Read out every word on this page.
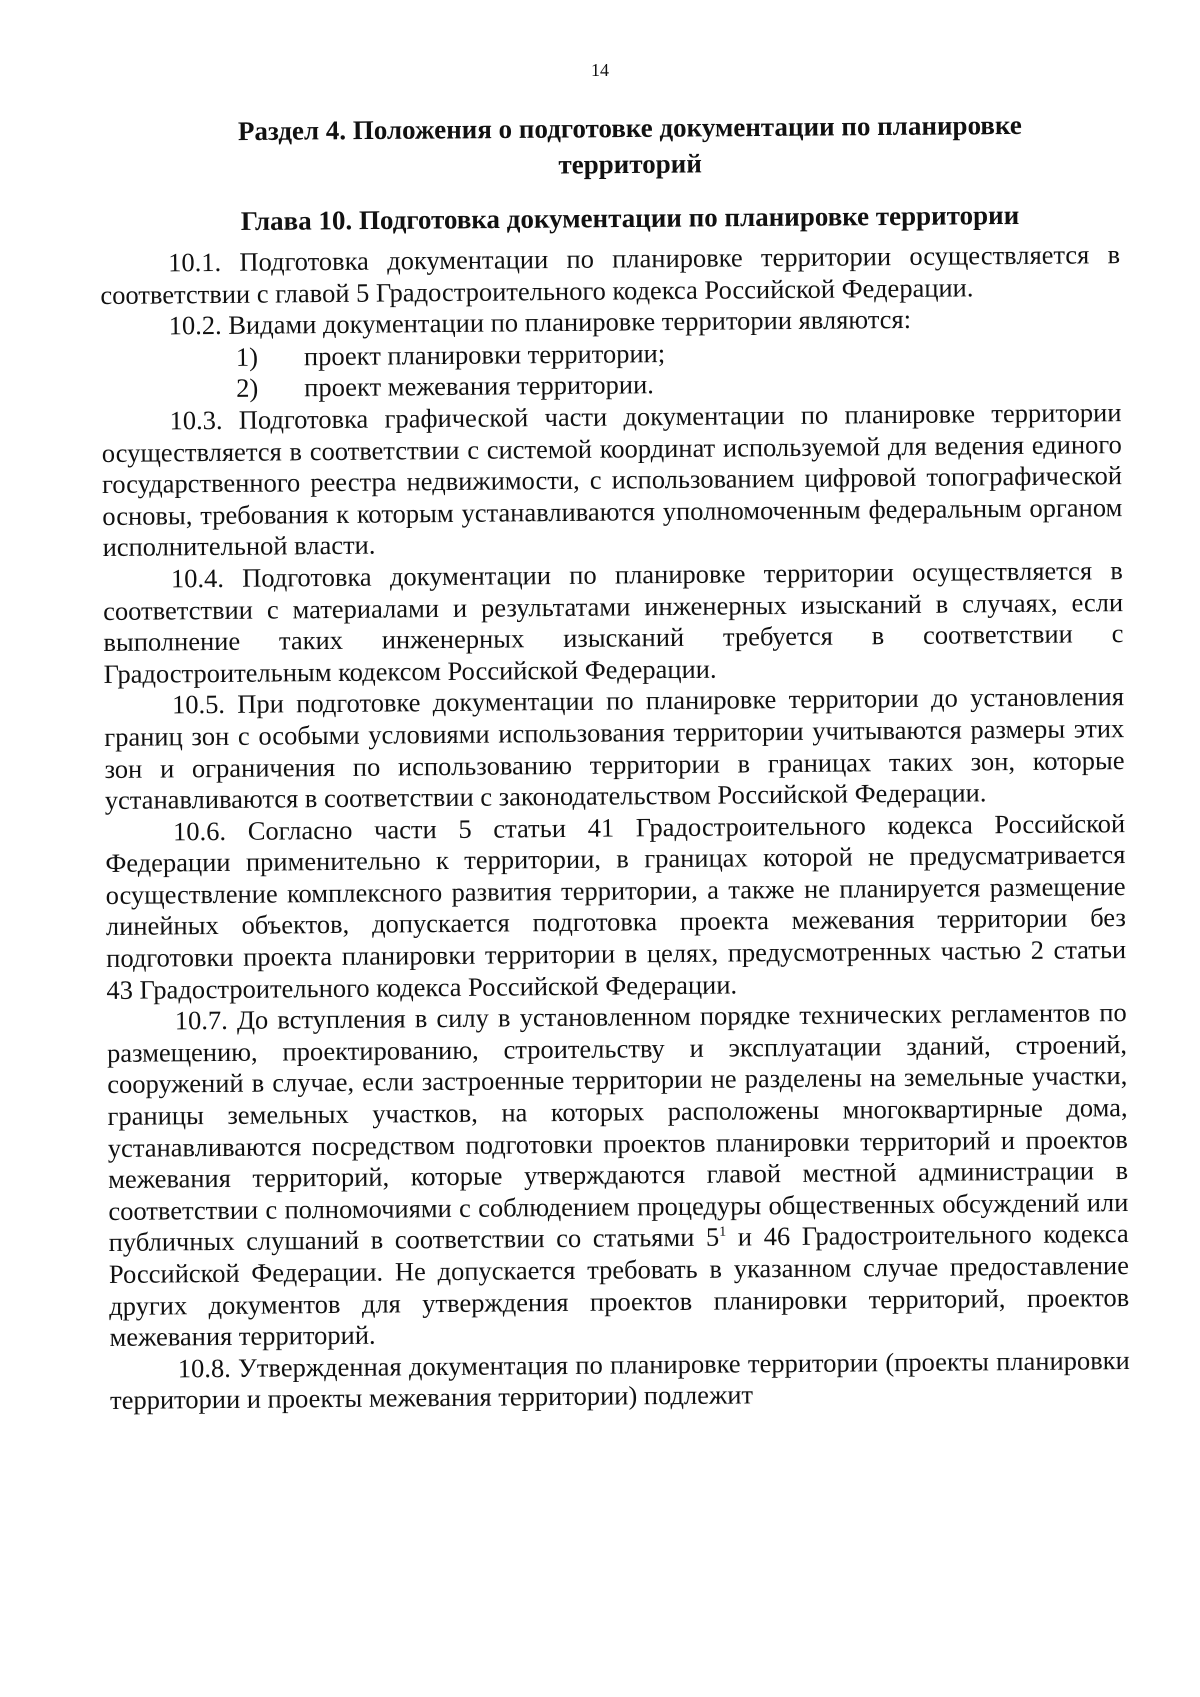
14
Раздел 4. Положения о подготовке документации по планировке территорий
Глава 10. Подготовка документации по планировке территории

10.1. Подготовка документации по планировке территории осуществляется в соответствии с главой 5 Градостроительного кодекса Российской Федерации.

10.2. Видами документации по планировке территории являются:

1)	проект планировки территории;
2)	проект межевания территории.

10.3. Подготовка графической части документации по планировке территории осуществляется в соответствии с системой координат используемой для ведения единого государственного реестра недвижимости, с использованием цифровой топографической основы, требования к которым устанавливаются уполномоченным федеральным органом исполнительной власти.

10.4. Подготовка документации по планировке территории осуществляется в соответствии с материалами и результатами инженерных изысканий в случаях, если выполнение таких инженерных изысканий требуется в соответствии с Градостроительным кодексом Российской Федерации.

10.5. При подготовке документации по планировке территории до установления границ зон с особыми условиями использования территории учитываются размеры этих зон и ограничения по использованию территории в границах таких зон, которые устанавливаются в соответствии с законодательством Российской Федерации.

10.6. Согласно части 5 статьи 41 Градостроительного кодекса Российской Федерации применительно к территории, в границах которой не предусматривается осуществление комплексного развития территории, а также не планируется размещение линейных объектов, допускается подготовка проекта межевания территории без подготовки проекта планировки территории в целях, предусмотренных частью 2 статьи 43 Градостроительного кодекса Российской Федерации.

10.7. До вступления в силу в установленном порядке технических регламентов по размещению, проектированию, строительству и эксплуатации зданий, строений, сооружений в случае, если застроенные территории не разделены на земельные участки, границы земельных участков, на которых расположены многоквартирные дома, устанавливаются посредством подготовки проектов планировки территорий и проектов межевания территорий, которые утверждаются главой местной администрации в соответствии с полномочиями с соблюдением процедуры общественных обсуждений или публичных слушаний в соответствии со статьями $5^1$ и 46 Градостроительного кодекса Российской Федерации. Не допускается требовать в указанном случае предоставление других документов для утверждения проектов планировки территорий, проектов межевания территорий.

10.8. Утвержденная документация по планировке территории (проекты планировки территории и проекты межевания территории) подлежит
